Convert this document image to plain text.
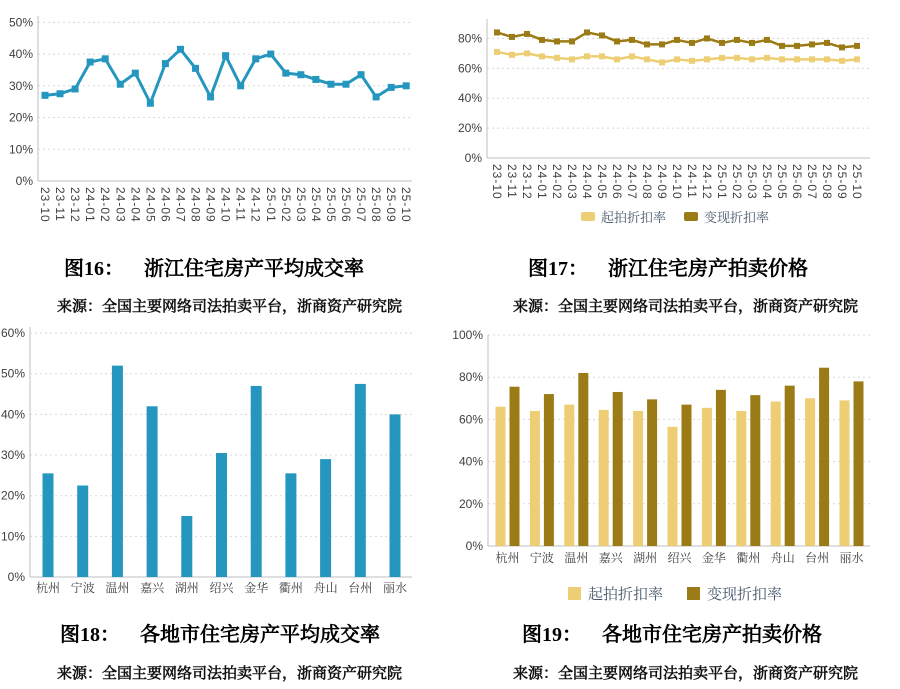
0%
10%
20%
30%
40%
50%
23-10 23-11 23-12 24-01 24-02 24-03 24-04 24-05 24-06 24-07 24-08 24-09 24-10 24-11 24-12 25-01 25-02 25-03 25-04 25-05 25-06 25-07 25-08 25-09 25-10
0%
20%
40%
60%
80%
23-10 23-11 23-12 24-01 24-02 24-03 24-04 24-05 24-06 24-07 24-08 24-09 24-10 24-11 24-12 25-01 25-02 25-03 25-04 25-05 25-06 25-07 25-08 25-09 25-10
起拍折扣率	变现折扣率
图16： 浙江住宅房产平均成交率	图17： 浙江住宅房产拍卖价格
来源：全国主要网络司法拍卖平台，浙商资产研究院	来源：全国主要网络司法拍卖平台，浙商资产研究院
0%
10%
20%
30%
40%
50%
60%
杭州 宁波 温州 嘉兴 湖州 绍兴 金华 衢州 舟山 台州 丽水
0%
20%
40%
60%
80%
100%
杭州 宁波 温州 嘉兴 湖州 绍兴 金华 衢州 舟山 台州 丽水
起拍折扣率	变现折扣率
图18： 各地市住宅房产平均成交率	图19： 各地市住宅房产拍卖价格
来源：全国主要网络司法拍卖平台，浙商资产研究院	来源：全国主要网络司法拍卖平台，浙商资产研究院
